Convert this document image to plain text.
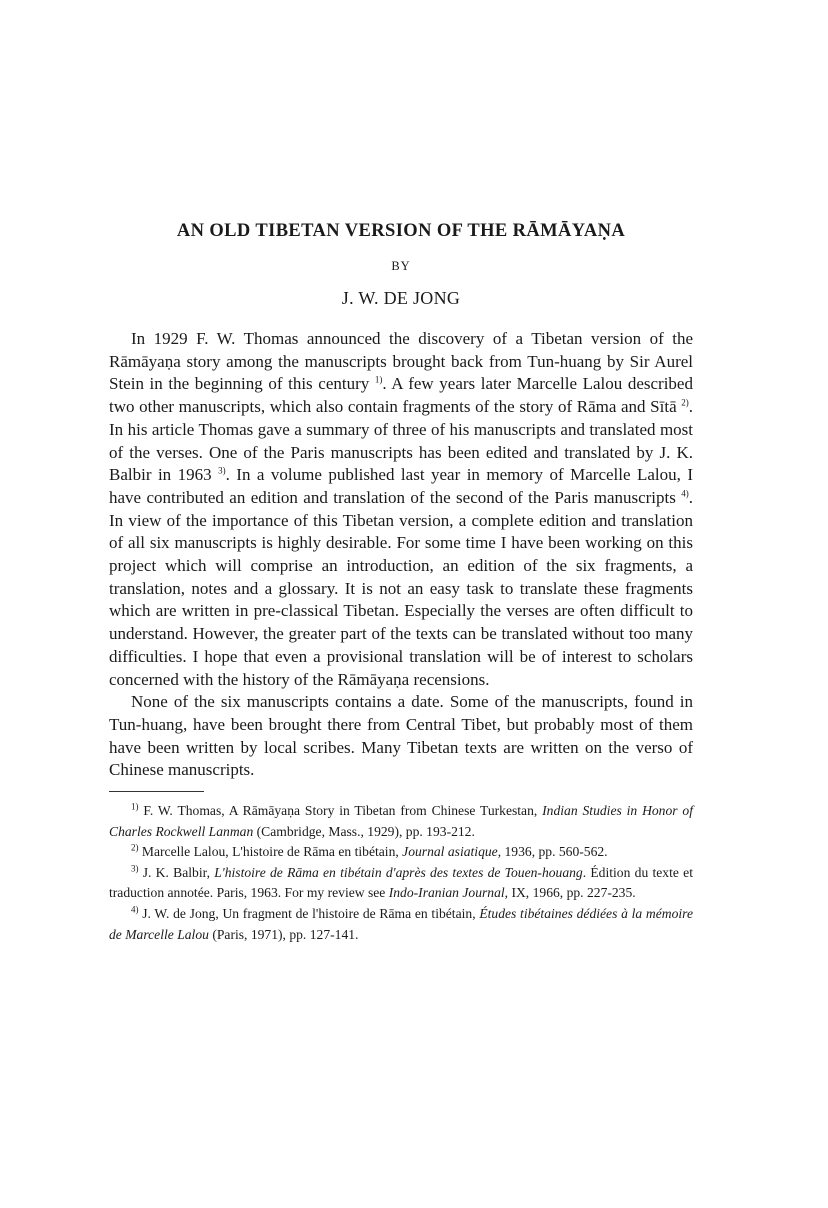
AN OLD TIBETAN VERSION OF THE RĀMĀYAṆA
BY
J. W. DE JONG

In 1929 F. W. Thomas announced the discovery of a Tibetan version of the Rāmāyaṇa story among the manuscripts brought back from Tun-huang by Sir Aurel Stein in the beginning of this century $^{1)}$. A few years later Marcelle Lalou described two other manuscripts, which also contain fragments of the story of Rāma and Sītā $^{2)}$. In his article Thomas gave a summary of three of his manuscripts and translated most of the verses. One of the Paris manuscripts has been edited and translated by J. K. Balbir in 1963 $^{3)}$. In a volume published last year in memory of Marcelle Lalou, I have contributed an edition and translation of the second of the Paris manuscripts $^{4)}$. In view of the importance of this Tibetan version, a complete edition and translation of all six manuscripts is highly desirable. For some time I have been working on this project which will comprise an introduction, an edition of the six fragments, a translation, notes and a glossary. It is not an easy task to translate these fragments which are written in pre-classical Tibetan. Especially the verses are often difficult to understand. However, the greater part of the texts can be translated without too many difficulties. I hope that even a provisional translation will be of interest to scholars concerned with the history of the Rāmāyaṇa recensions.

None of the six manuscripts contains a date. Some of the manuscripts, found in Tun-huang, have been brought there from Central Tibet, but probably most of them have been written by local scribes. Many Tibetan texts are written on the verso of Chinese manuscripts.

$^{1)}$ F. W. Thomas, A Rāmāyaṇa Story in Tibetan from Chinese Turkestan, Indian Studies in Honor of Charles Rockwell Lanman (Cambridge, Mass., 1929), pp. 193-212.

$^{2)}$ Marcelle Lalou, L'histoire de Rāma en tibétain, Journal asiatique, 1936, pp. 560-562.

$^{3)}$ J. K. Balbir, L'histoire de Rāma en tibétain d'après des textes de Touen-houang. Édition du texte et traduction annotée. Paris, 1963. For my review see Indo-Iranian Journal, IX, 1966, pp. 227-235.

$^{4)}$ J. W. de Jong, Un fragment de l'histoire de Rāma en tibétain, Études tibétaines dédiées à la mémoire de Marcelle Lalou (Paris, 1971), pp. 127-141.
